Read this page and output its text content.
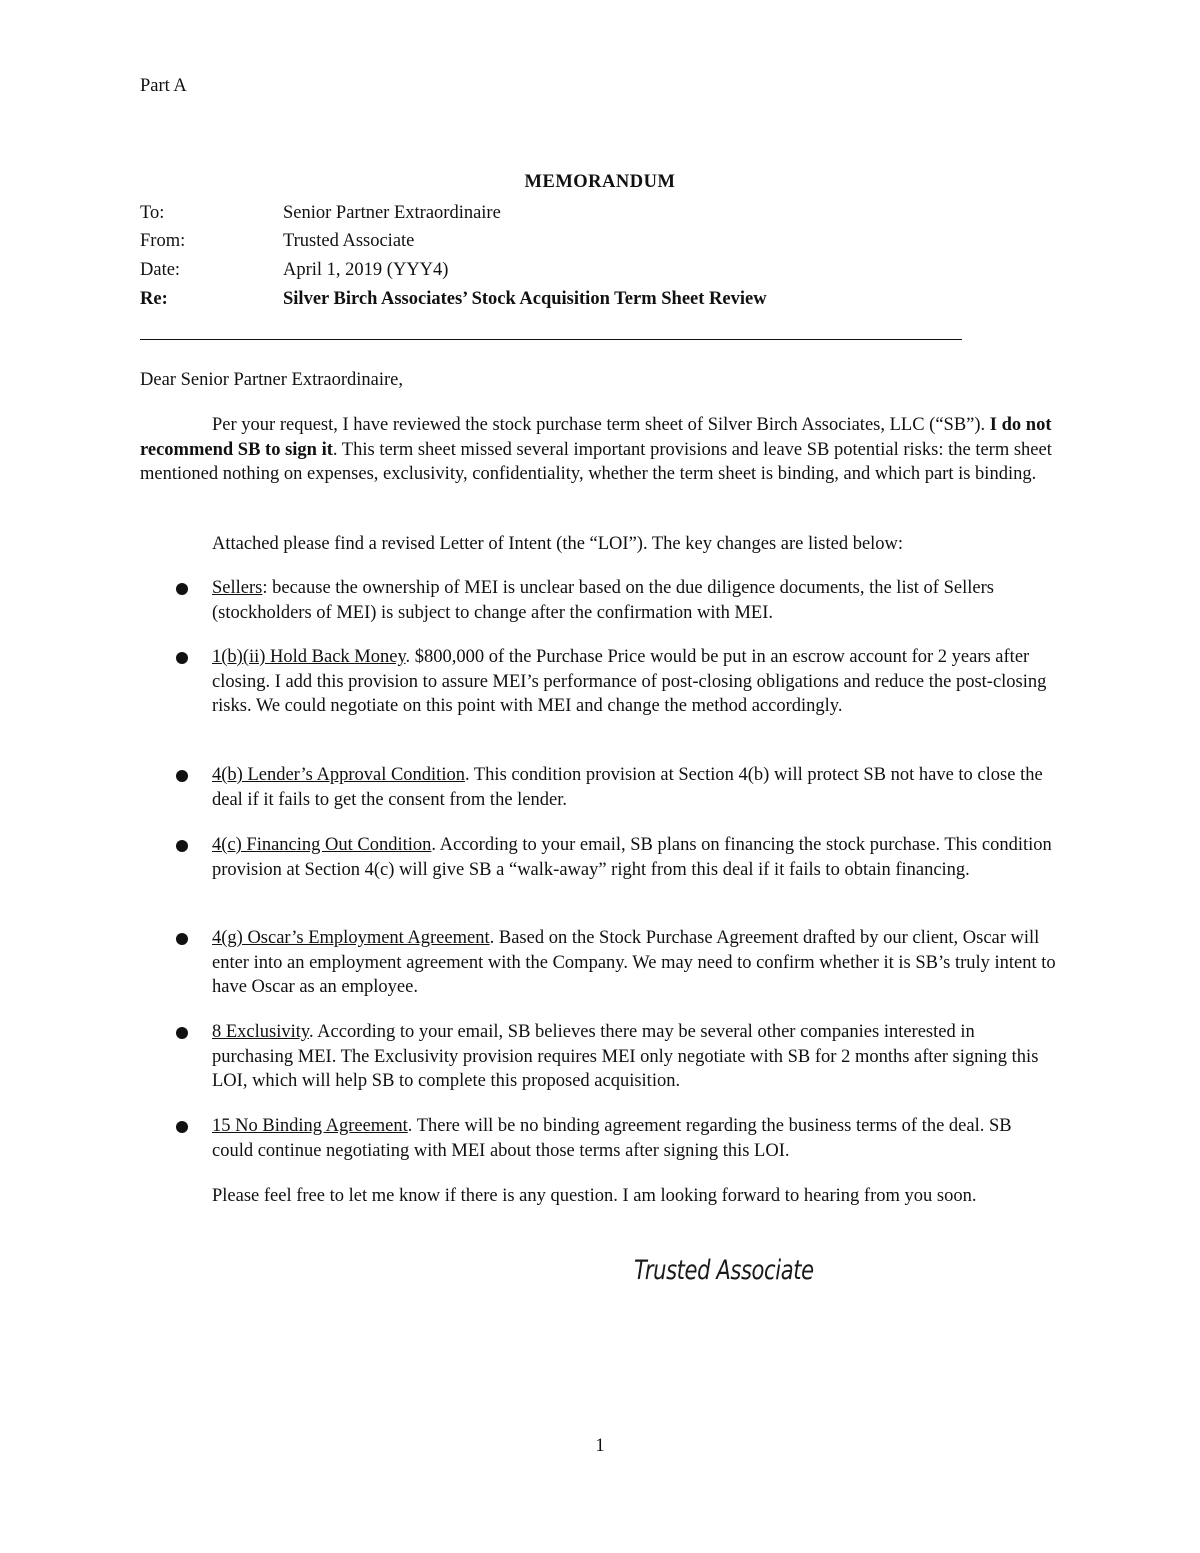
Part A
MEMORANDUM
To:	Senior Partner Extraordinaire
From:	Trusted Associate
Date:	April 1, 2019 (YYY4)
Re:	Silver Birch Associates’ Stock Acquisition Term Sheet Review
Dear Senior Partner Extraordinaire,
Per your request, I have reviewed the stock purchase term sheet of Silver Birch Associates, LLC (“SB”). I do not recommend SB to sign it. This term sheet missed several important provisions and leave SB potential risks: the term sheet mentioned nothing on expenses, exclusivity, confidentiality, whether the term sheet is binding, and which part is binding.
Attached please find a revised Letter of Intent (the “LOI”). The key changes are listed below:
Sellers: because the ownership of MEI is unclear based on the due diligence documents, the list of Sellers (stockholders of MEI) is subject to change after the confirmation with MEI.
1(b)(ii) Hold Back Money. $800,000 of the Purchase Price would be put in an escrow account for 2 years after closing. I add this provision to assure MEI’s performance of post-closing obligations and reduce the post-closing risks. We could negotiate on this point with MEI and change the method accordingly.
4(b) Lender’s Approval Condition. This condition provision at Section 4(b) will protect SB not have to close the deal if it fails to get the consent from the lender.
4(c) Financing Out Condition. According to your email, SB plans on financing the stock purchase. This condition provision at Section 4(c) will give SB a “walk-away” right from this deal if it fails to obtain financing.
4(g) Oscar’s Employment Agreement. Based on the Stock Purchase Agreement drafted by our client, Oscar will enter into an employment agreement with the Company. We may need to confirm whether it is SB’s truly intent to have Oscar as an employee.
8 Exclusivity. According to your email, SB believes there may be several other companies interested in purchasing MEI. The Exclusivity provision requires MEI only negotiate with SB for 2 months after signing this LOI, which will help SB to complete this proposed acquisition.
15 No Binding Agreement. There will be no binding agreement regarding the business terms of the deal. SB could continue negotiating with MEI about those terms after signing this LOI.
Please feel free to let me know if there is any question. I am looking forward to hearing from you soon.
Trusted Associate
1
